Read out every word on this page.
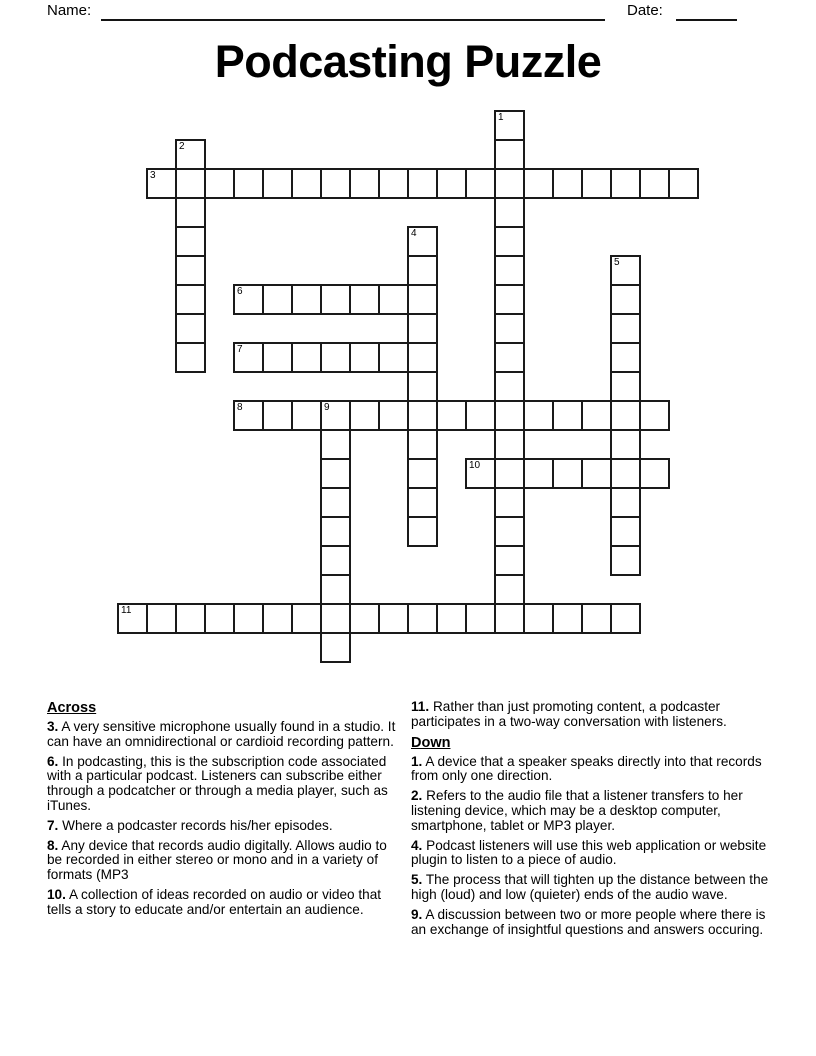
Name:	Date:
Podcasting Puzzle
1
2
3
4
5
6
7
8	9
10
11
Across

3. A very sensitive microphone usually found in a studio. It can have an omnidirectional or cardioid recording pattern.

6. In podcasting, this is the subscription code associated with a particular podcast. Listeners can subscribe either through a podcatcher or through a media player, such as iTunes.

7. Where a podcaster records his/her episodes.

8. Any device that records audio digitally. Allows audio to be recorded in either stereo or mono and in a variety of formats (MP3

10. A collection of ideas recorded on audio or video that tells a story to educate and/or entertain an audience.

11. Rather than just promoting content, a podcaster participates in a two-way conversation with listeners.

Down

1. A device that a speaker speaks directly into that records from only one direction.

2. Refers to the audio file that a listener transfers to her listening device, which may be a desktop computer, smartphone, tablet or MP3 player.

4. Podcast listeners will use this web application or website plugin to listen to a piece of audio.

5. The process that will tighten up the distance between the high (loud) and low (quieter) ends of the audio wave.

9. A discussion between two or more people where there is an exchange of insightful questions and answers occuring.
